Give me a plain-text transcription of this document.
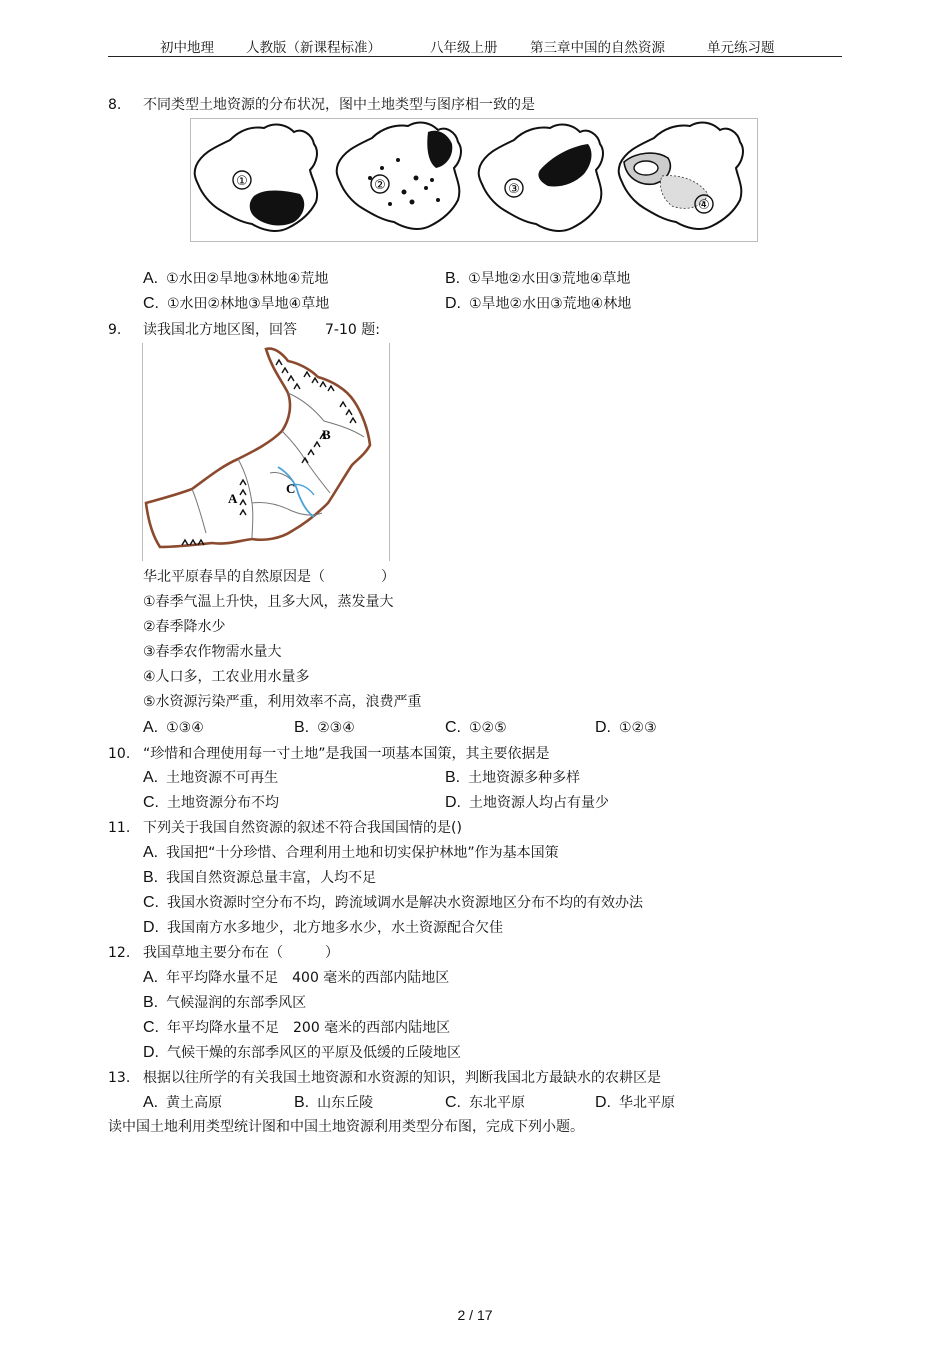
初中地理 人教版（新课程标准）	八年级上册 第三章中国的自然资源	单元练习题
8. 不同类型土地资源的分布状况，图中土地类型与图序相一致的是
①	②	③
④
A. ①水田②旱地③林地④荒地	B. ①旱地②水田③荒地④草地
C. ①水田②林地③旱地④草地	D. ①旱地②水田③荒地④林地
9. 读我国北方地区图，回答　　7-10 题:
B
A
C
华北平原春旱的自然原因是（　　　　）
①春季气温上升快，且多大风，蒸发量大
②春季降水少
③春季农作物需水量大
④人口多，工农业用水量多
⑤水资源污染严重，利用效率不高，浪费严重
A. ①③④	B. ②③④	C. ①②⑤	D. ①②③
10. “珍惜和合理使用每一寸土地”是我国一项基本国策，其主要依据是
A. 土地资源不可再生	B. 土地资源多种多样
C. 土地资源分布不均	D. 土地资源人均占有量少
11. 下列关于我国自然资源的叙述不符合我国国情的是()
A. 我国把“十分珍惜、合理利用土地和切实保护林地”作为基本国策
B. 我国自然资源总量丰富，人均不足
C. 我国水资源时空分布不均，跨流域调水是解决水资源地区分布不均的有效办法
D. 我国南方水多地少，北方地多水少，水土资源配合欠佳
12. 我国草地主要分布在（　　　）
A. 年平均降水量不足　400 毫米的西部内陆地区
B. 气候湿润的东部季风区
C. 年平均降水量不足　200 毫米的西部内陆地区
D. 气候干燥的东部季风区的平原及低缓的丘陵地区
13. 根据以往所学的有关我国土地资源和水资源的知识，判断我国北方最缺水的农耕区是
A. 黄土高原	B. 山东丘陵	C. 东北平原	D. 华北平原
读中国土地利用类型统计图和中国土地资源利用类型分布图，完成下列小题。
2 / 17
